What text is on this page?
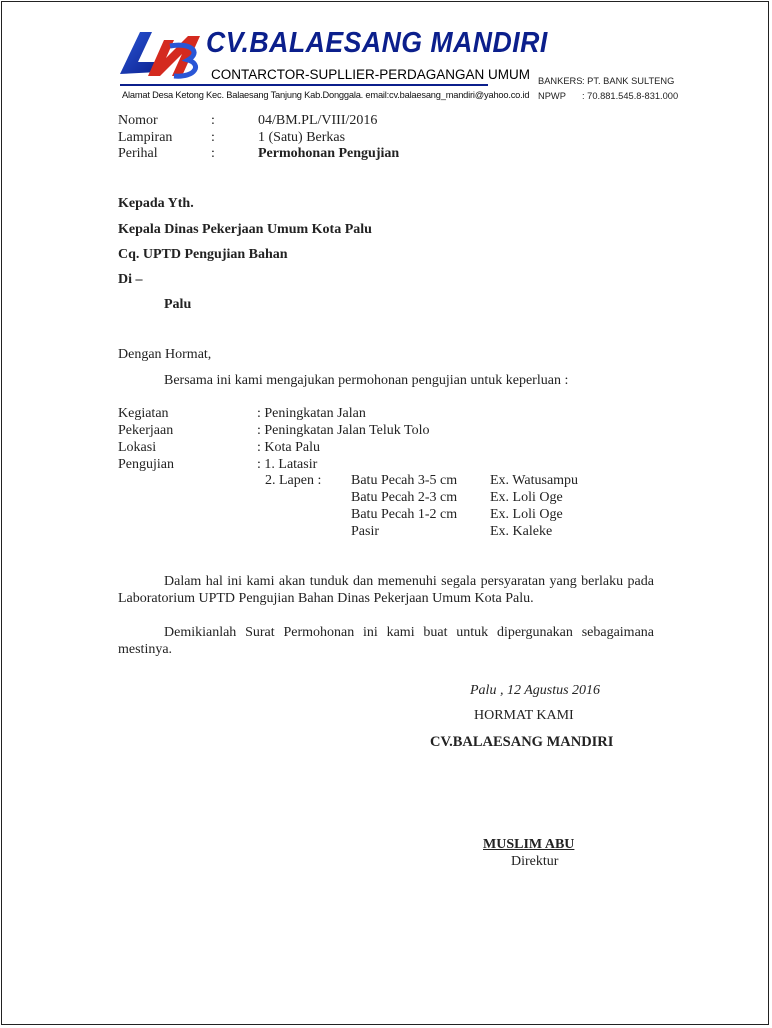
CV.BALAESANG MANDIRI
CONTARCTOR-SUPLLIER-PERDAGANGAN UMUM
Alamat Desa Ketong Kec. Balaesang Tanjung Kab.Donggala. email:cv.balaesang_mandiri@yahoo.co.id
BANKERS : PT. BANK SULTENG
NPWP : 70.881.545.8-831.000
Nomor	:	04/BM.PL/VIII/2016
Lampiran	:	1 (Satu) Berkas
Perihal	:	Permohonan Pengujian
Kepada Yth.
Kepala Dinas Pekerjaan Umum Kota Palu
Cq. UPTD Pengujian Bahan
Di –
Palu
Dengan Hormat,
Bersama ini kami mengajukan permohonan pengujian untuk keperluan :
Kegiatan	: Peningkatan Jalan
Pekerjaan	: Peningkatan Jalan Teluk Tolo
Lokasi	: Kota Palu
Pengujian	: 1. Latasir
2. Lapen : Batu Pecah 3-5 cm Ex. Watusampu
Batu Pecah 2-3 cm Ex. Loli Oge
Batu Pecah 1-2 cm Ex. Loli Oge
Pasir	Ex. Kaleke
Dalam hal ini kami akan tunduk dan memenuhi segala persyaratan yang berlaku pada Laboratorium UPTD Pengujian Bahan Dinas Pekerjaan Umum Kota Palu.
Demikianlah Surat Permohonan ini kami buat untuk dipergunakan sebagaimana mestinya.
Palu , 12 Agustus 2016
HORMAT KAMI
CV.BALAESANG MANDIRI
MUSLIM ABU
Direktur
